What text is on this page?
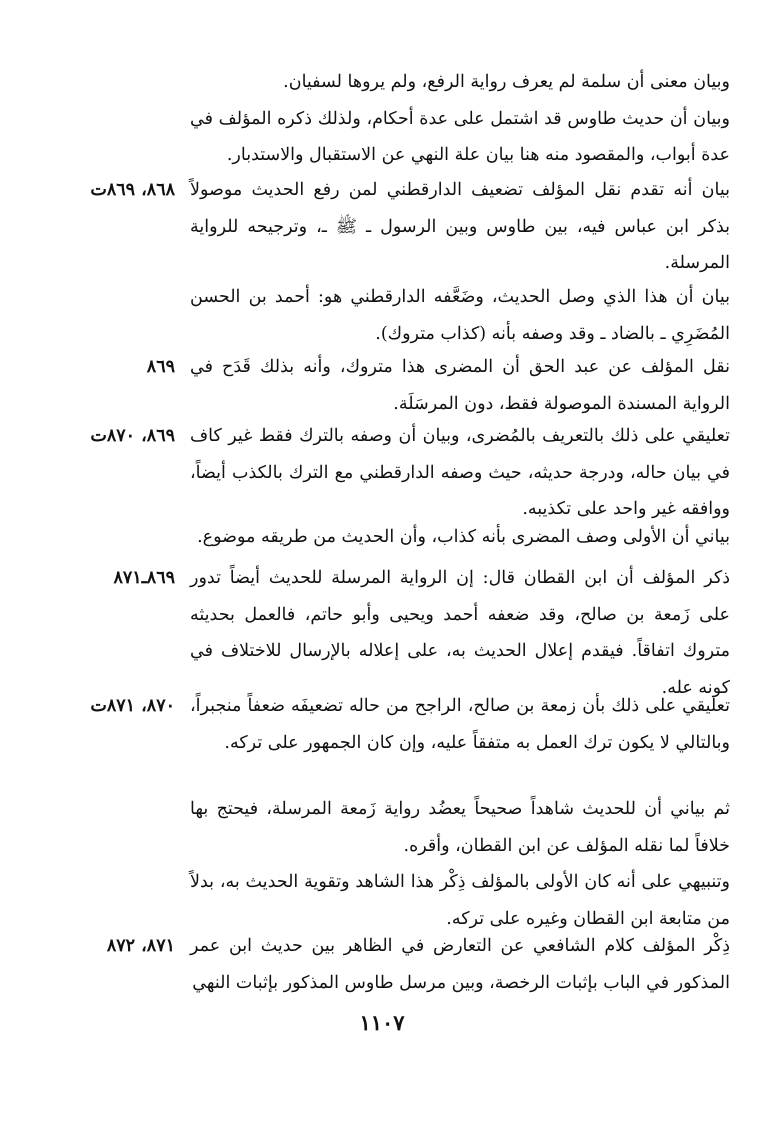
وبيان معنى أن سلمة لم يعرف رواية الرفع، ولم يروها لسفيان.

وبيان أن حديث طاوس قد اشتمل على عدة أحكام، ولذلك ذكره المؤلف في عدة أبواب، والمقصود منه هنا بيان علة النهي عن الاستقبال والاستدبار.

بيان أنه تقدم نقل المؤلف تضعيف الدارقطني لمن رفع الحديث موصولاً بذكر ابن عباس فيه، بين طاوس وبين الرسول ـ ﷺ ـ، وترجيحه للرواية المرسلة.

٨٦٨، ٨٦٩ت

بيان أن هذا الذي وصل الحديث، وضَعَّفه الدارقطني هو: أحمد بن الحسن المُضَرِي ـ بالضاد ـ وقد وصفه بأنه (كذاب متروك).

نقل المؤلف عن عبد الحق أن المضرى هذا متروك، وأنه بذلك قَدَح في الرواية المسندة الموصولة فقط، دون المرسَلَة.

٨٦٩

تعليقي على ذلك بالتعريف بالمُضرى، وبيان أن وصفه بالترك فقط غير كاف في بيان حاله، ودرجة حديثه، حيث وصفه الدارقطني مع الترك بالكذب أيضاً، ووافقه غير واحد على تكذيبه.

٨٦٩، ٨٧٠ت

بياني أن الأولى وصف المضرى بأنه كذاب، وأن الحديث من طريقه موضوع.

ذكر المؤلف أن ابن القطان قال: إن الرواية المرسلة للحديث أيضاً تدور على زَمعة بن صالح، وقد ضعفه أحمد ويحيى وأبو حاتم، فالعمل بحديثه متروك اتفاقاً. فيقدم إعلال الحديث به، على إعلاله بالإرسال للاختلاف في كونه عله.

٨٦٩ـ٨٧١

تعليقي على ذلك بأن زمعة بن صالح، الراجح من حاله تضعيفَه ضعفاً منجبراً، وبالتالي لا يكون ترك العمل به متفقاً عليه، وإن كان الجمهور على تركه.

٨٧٠، ٨٧١ت

ثم بياني أن للحديث شاهداً صحيحاً يعضُد رواية زَمعة المرسلة، فيحتج بها خلافاً لما نقله المؤلف عن ابن القطان، وأقره.

وتنبيهي على أنه كان الأولى بالمؤلف ذِكْر هذا الشاهد وتقوية الحديث به، بدلاً من متابعة ابن القطان وغيره على تركه.

ذِكْر المؤلف كلام الشافعي عن التعارض في الظاهر بين حديث ابن عمر المذكور في الباب بإثبات الرخصة، وبين مرسل طاوس المذكور بإثبات النهي

٨٧١، ٨٧٢
١١٠٧
